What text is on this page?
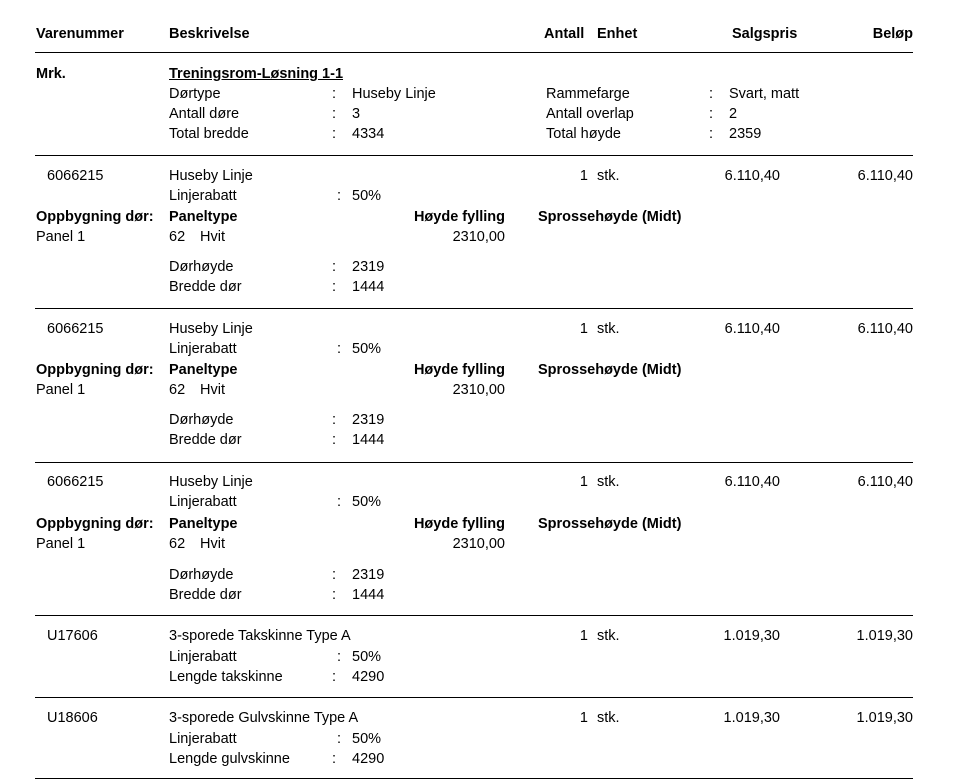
Varenummer	Beskrivelse	Antall Enhet	Salgspris	Beløp
Mrk.	Treningsrom-Løsning 1-1
Dørtype	: Huseby Linje	Rammefarge	: Svart, matt
Antall døre	: 3	Antall overlap	: 2
Total bredde	: 4334	Total høyde	: 2359
6066215	Huseby Linje	1 stk.	6.110,40	6.110,40
Linjerabatt	: 50%
Oppbygning dør: Paneltype	Høyde fylling Sprossehøyde (Midt)
Panel 1	62 Hvit	2310,00
Dørhøyde	: 2319
Bredde dør	: 1444
6066215	Huseby Linje	1 stk.	6.110,40	6.110,40
Linjerabatt	: 50%
Oppbygning dør: Paneltype	Høyde fylling Sprossehøyde (Midt)
Panel 1	62 Hvit	2310,00
Dørhøyde	: 2319
Bredde dør	: 1444
6066215	Huseby Linje	1 stk.	6.110,40	6.110,40
Linjerabatt	: 50%
Oppbygning dør: Paneltype	Høyde fylling Sprossehøyde (Midt)
Panel 1	62 Hvit	2310,00
Dørhøyde	: 2319
Bredde dør	: 1444
U17606	3-sporede Takskinne Type A	1 stk.	1.019,30	1.019,30
Linjerabatt	: 50%
Lengde takskinne	: 4290
U18606	3-sporede Gulvskinne Type A	1 stk.	1.019,30	1.019,30
Linjerabatt	: 50%
Lengde gulvskinne	: 4290
